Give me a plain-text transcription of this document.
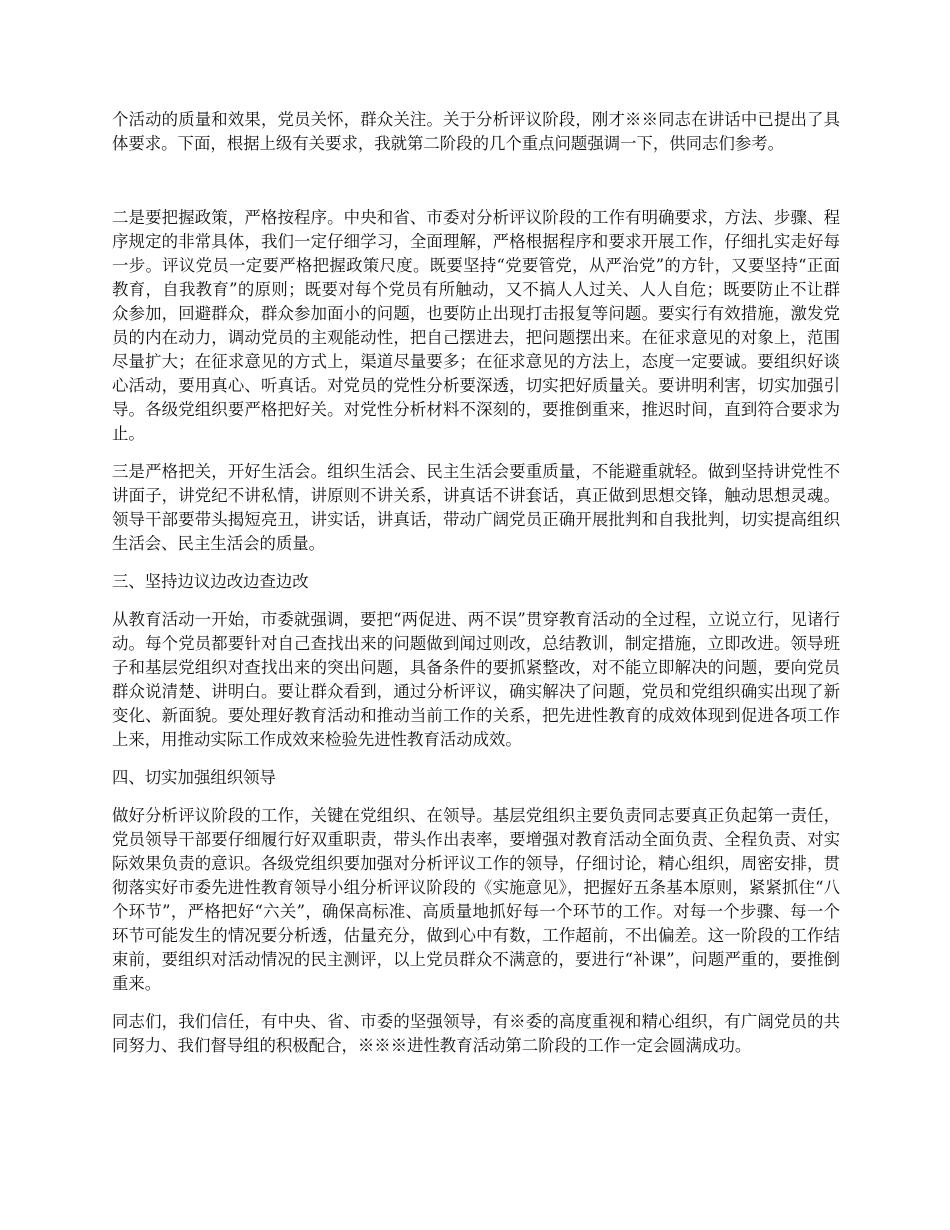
个活动的质量和效果，党员关怀，群众关注。关于分析评议阶段，刚才※※同志在讲话中已提出了具体要求。下面，根据上级有关要求，我就第二阶段的几个重点问题强调一下，供同志们参考。

二是要把握政策，严格按程序。中央和省、市委对分析评议阶段的工作有明确要求，方法、步骤、程序规定的非常具体，我们一定仔细学习，全面理解，严格根据程序和要求开展工作，仔细扎实走好每一步。评议党员一定要严格把握政策尺度。既要坚持“党要管党，从严治党”的方针，又要坚持“正面教育，自我教育”的原则；既要对每个党员有所触动，又不搞人人过关、人人自危；既要防止不让群众参加，回避群众，群众参加面小的问题，也要防止出现打击报复等问题。要实行有效措施，激发党员的内在动力，调动党员的主观能动性，把自己摆进去，把问题摆出来。在征求意见的对象上，范围尽量扩大；在征求意见的方式上，渠道尽量要多；在征求意见的方法上，态度一定要诚。要组织好谈心活动，要用真心、听真话。对党员的党性分析要深透，切实把好质量关。要讲明利害，切实加强引导。各级党组织要严格把好关。对党性分析材料不深刻的，要推倒重来，推迟时间，直到符合要求为止。

三是严格把关，开好生活会。组织生活会、民主生活会要重质量，不能避重就轻。做到坚持讲党性不讲面子，讲党纪不讲私情，讲原则不讲关系，讲真话不讲套话，真正做到思想交锋，触动思想灵魂。领导干部要带头揭短亮丑，讲实话，讲真话，带动广阔党员正确开展批判和自我批判，切实提高组织生活会、民主生活会的质量。

三、坚持边议边改边查边改

从教育活动一开始，市委就强调，要把“两促进、两不误”贯穿教育活动的全过程，立说立行，见诸行动。每个党员都要针对自己查找出来的问题做到闻过则改，总结教训，制定措施，立即改进。领导班子和基层党组织对查找出来的突出问题，具备条件的要抓紧整改，对不能立即解决的问题，要向党员群众说清楚、讲明白。要让群众看到，通过分析评议，确实解决了问题，党员和党组织确实出现了新变化、新面貌。要处理好教育活动和推动当前工作的关系，把先进性教育的成效体现到促进各项工作上来，用推动实际工作成效来检验先进性教育活动成效。

四、切实加强组织领导

做好分析评议阶段的工作，关键在党组织、在领导。基层党组织主要负责同志要真正负起第一责任，党员领导干部要仔细履行好双重职责，带头作出表率，要增强对教育活动全面负责、全程负责、对实际效果负责的意识。各级党组织要加强对分析评议工作的领导，仔细讨论，精心组织，周密安排，贯彻落实好市委先进性教育领导小组分析评议阶段的《实施意见》，把握好五条基本原则，紧紧抓住“八个环节”，严格把好“六关”，确保高标准、高质量地抓好每一个环节的工作。对每一个步骤、每一个环节可能发生的情况要分析透，估量充分，做到心中有数，工作超前，不出偏差。这一阶段的工作结束前，要组织对活动情况的民主测评，以上党员群众不满意的，要进行“补课”，问题严重的，要推倒重来。

同志们，我们信任，有中央、省、市委的坚强领导，有※委的高度重视和精心组织，有广阔党员的共同努力、我们督导组的积极配合，※※※进性教育活动第二阶段的工作一定会圆满成功。
